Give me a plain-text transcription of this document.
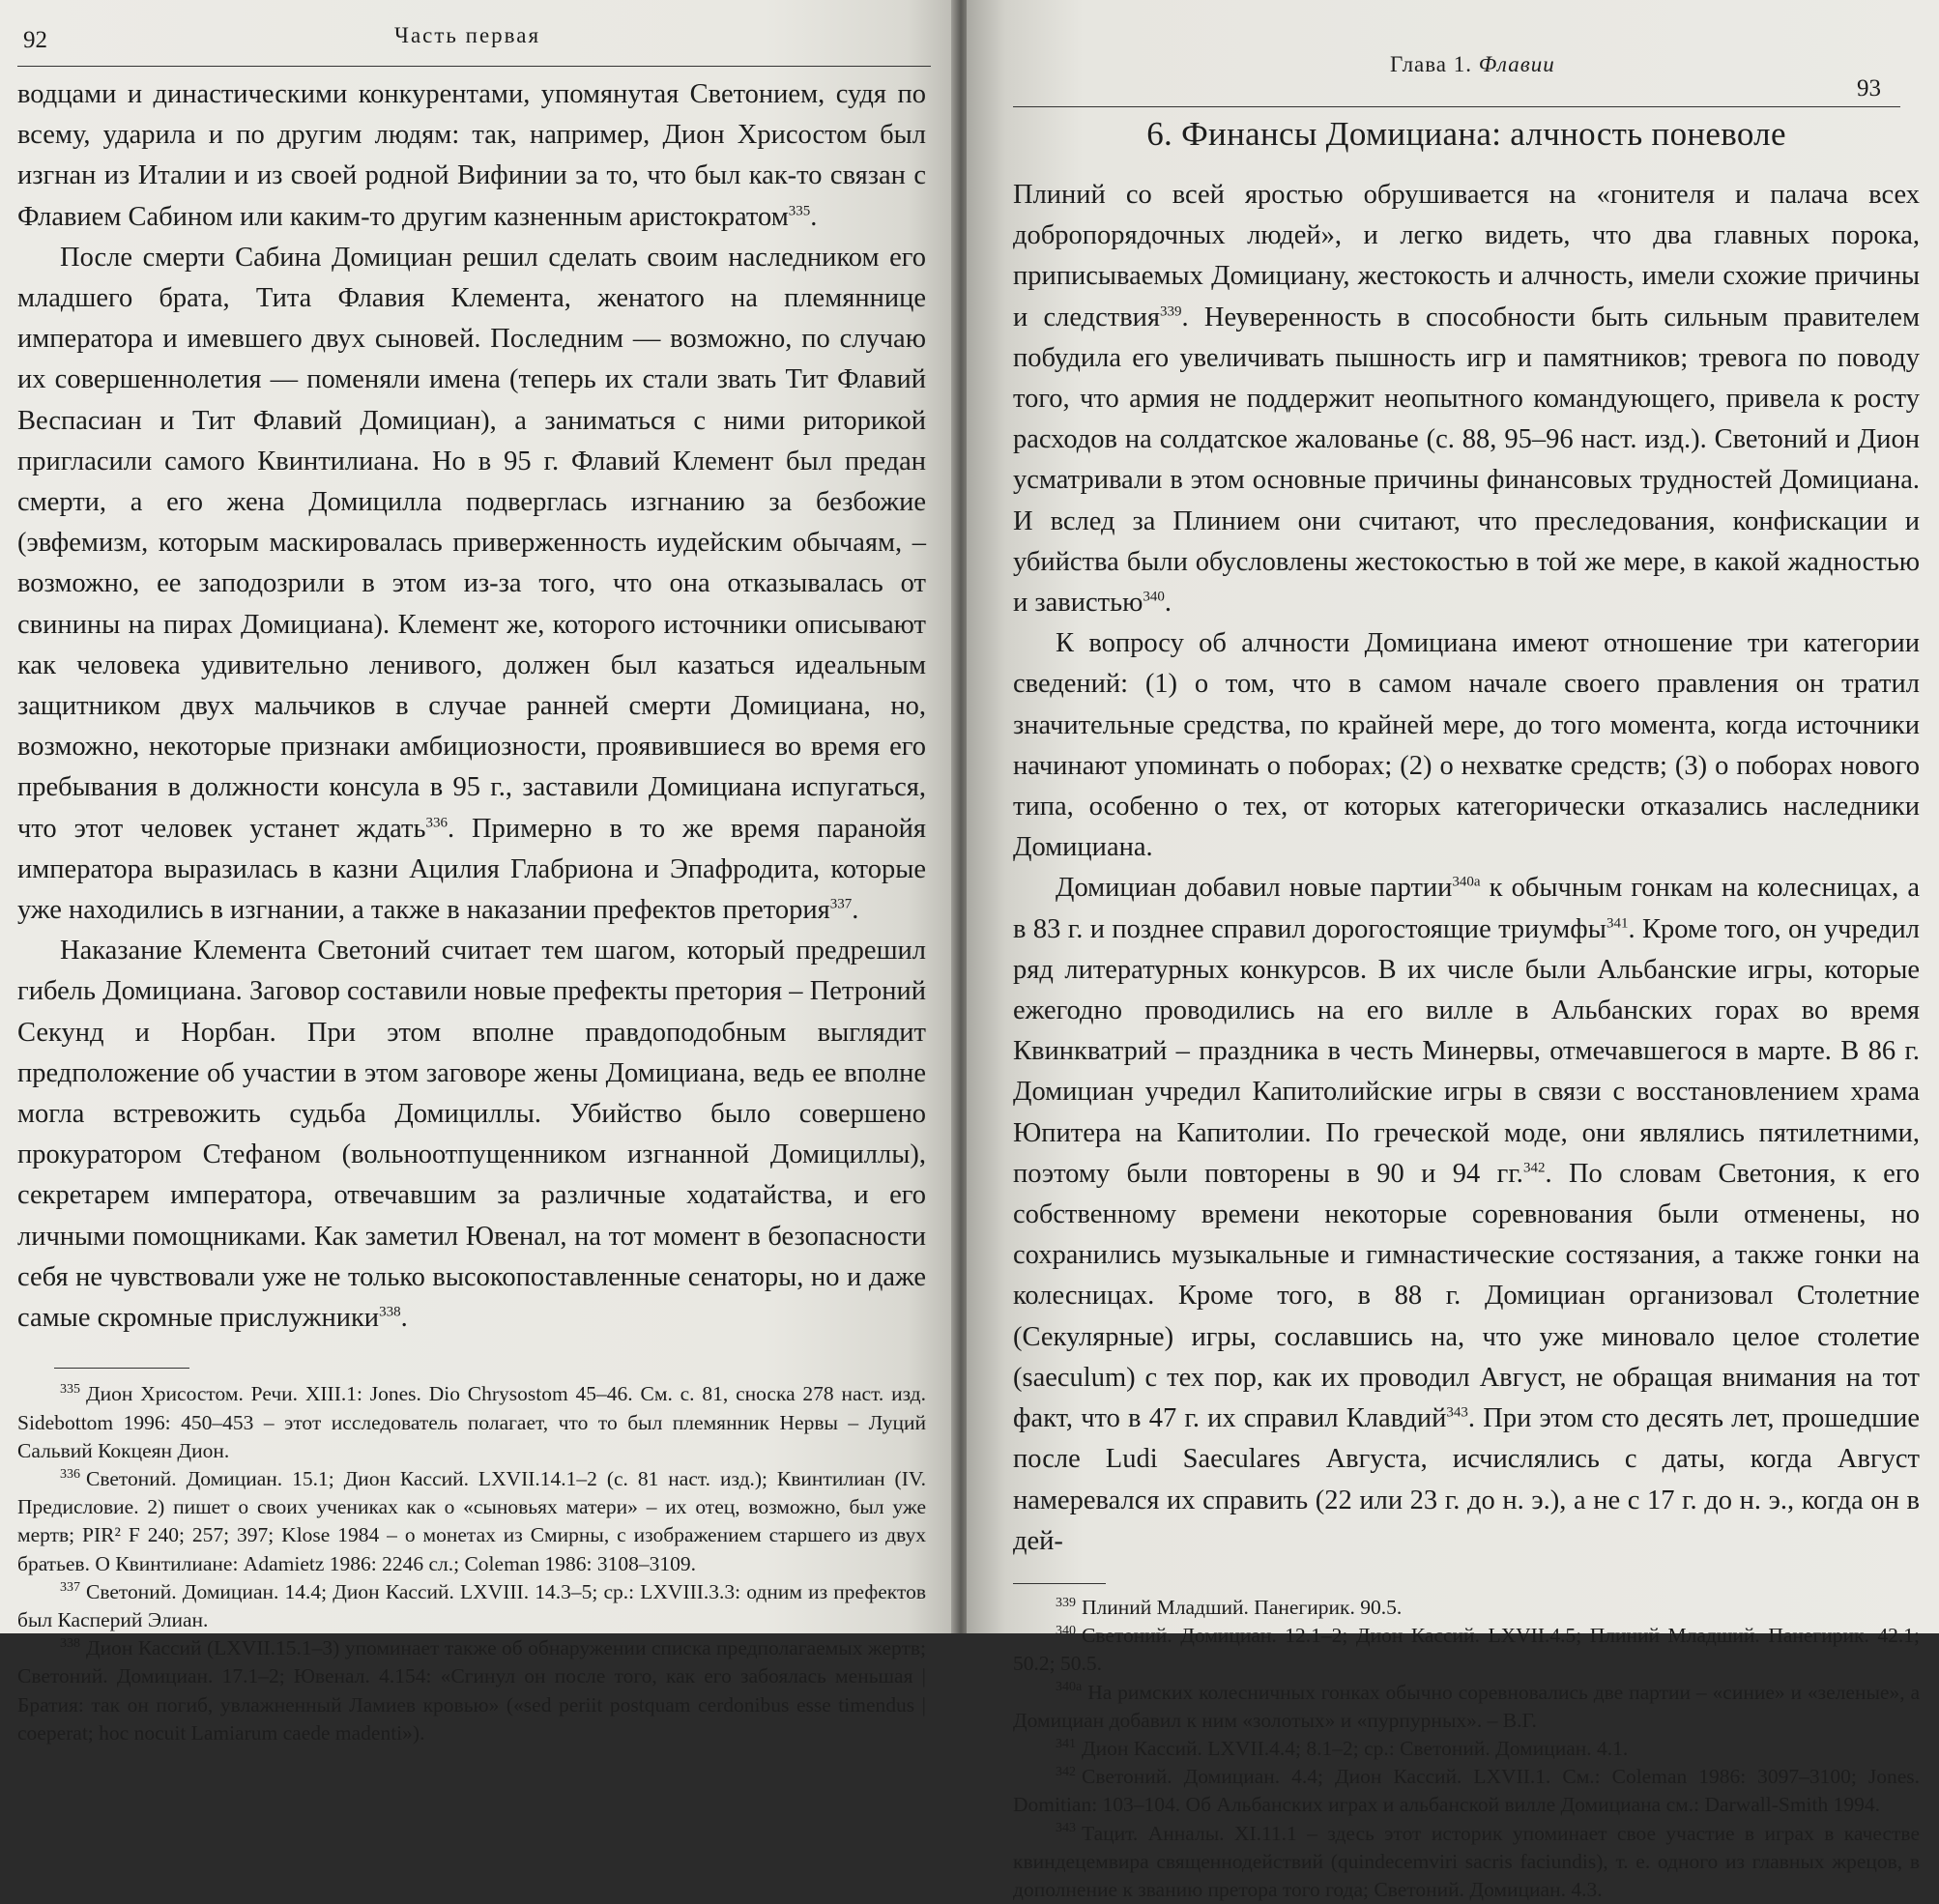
92	Часть первая

водцами и династическими конкурентами, упомянутая Светонием, судя по всему, ударила и по другим людям: так, например, Дион Хрисостом был изгнан из Италии и из своей родной Вифинии за то, что был как-то связан с Флавием Сабином или каким-то другим казненным аристократом$^{335}$.

После смерти Сабина Домициан решил сделать своим наследником его младшего брата, Тита Флавия Клемента, женатого на племяннице императора и имевшего двух сыновей. Последним — возможно, по случаю их совершеннолетия — поменяли имена (теперь их стали звать Тит Флавий Веспасиан и Тит Флавий Домициан), а заниматься с ними риторикой пригласили самого Квинтилиана. Но в 95 г. Флавий Клемент был предан смерти, а его жена Домицилла подверглась изгнанию за безбожие (эвфемизм, которым маскировалась приверженность иудейским обычаям, – возможно, ее заподозрили в этом из-за того, что она отказывалась от свинины на пирах Домициана). Клемент же, которого источники описывают как человека удивительно ленивого, должен был казаться идеальным защитником двух мальчиков в случае ранней смерти Домициана, но, возможно, некоторые признаки амбициозности, проявившиеся во время его пребывания в должности консула в 95 г., заставили Домициана испугаться, что этот человек устанет ждать$^{336}$. Примерно в то же время паранойя императора выразилась в казни Ацилия Глабриона и Эпафродита, которые уже находились в изгнании, а также в наказании префектов претория$^{337}$.

Наказание Клемента Светоний считает тем шагом, который предрешил гибель Домициана. Заговор составили новые префекты претория – Петроний Секунд и Норбан. При этом вполне правдоподобным выглядит предположение об участии в этом заговоре жены Домициана, ведь ее вполне могла встревожить судьба Домициллы. Убийство было совершено прокуратором Стефаном (вольноотпущенником изгнанной Домициллы), секретарем императора, отвечавшим за различные ходатайства, и его личными помощниками. Как заметил Ювенал, на тот момент в безопасности себя не чувствовали уже не только высокопоставленные сенаторы, но и даже самые скромные прислужники$^{338}$.

$^{335}$ Дион Хрисостом. Речи. XIII.1: Jones. Dio Chrysostom 45–46. См. с. 81, сноска 278 наст. изд. Sidebottom 1996: 450–453 – этот исследователь полагает, что то был племянник Нервы – Луций Сальвий Кокцеян Дион.

$^{336}$ Светоний. Домициан. 15.1; Дион Кассий. LXVII.14.1–2 (с. 81 наст. изд.); Квинтилиан (IV. Предисловие. 2) пишет о своих учениках как о «сыновьях матери» – их отец, возможно, был уже мертв; PIR² F 240; 257; 397; Klose 1984 – о монетах из Смирны, с изображением старшего из двух братьев. О Квинтилиане: Adamietz 1986: 2246 сл.; Coleman 1986: 3108–3109.

$^{337}$ Светоний. Домициан. 14.4; Дион Кассий. LXVIII. 14.3–5; ср.: LXVIII.3.3: одним из префектов был Касперий Элиан.

$^{338}$ Дион Кассий (LXVII.15.1–3) упоминает также об обнаружении списка предполагаемых жертв; Светоний. Домициан. 17.1–2; Ювенал. 4.154: «Сгинул он после того, как его забоялась меньшая | Братия: так он погиб, увлажненный Ламиев кровью» («sed periit postquam cerdonibus esse timendus | coeperat; hoc nocuit Lamiarum caede madenti»).

Глава 1. Флавии
93
6. Финансы Домициана: алчность поневоле

Плиний со всей яростью обрушивается на «гонителя и палача всех добропорядочных людей», и легко видеть, что два главных порока, приписываемых Домициану, жестокость и алчность, имели схожие причины и следствия$^{339}$. Неуверенность в способности быть сильным правителем побудила его увеличивать пышность игр и памятников; тревога по поводу того, что армия не поддержит неопытного командующего, привела к росту расходов на солдатское жалованье (с. 88, 95–96 наст. изд.). Светоний и Дион усматривали в этом основные причины финансовых трудностей Домициана. И вслед за Плинием они считают, что преследования, конфискации и убийства были обусловлены жестокостью в той же мере, в какой жадностью и завистью$^{340}$.

К вопросу об алчности Домициана имеют отношение три категории сведений: (1) о том, что в самом начале своего правления он тратил значительные средства, по крайней мере, до того момента, когда источники начинают упоминать о поборах; (2) о нехватке средств; (3) о поборах нового типа, особенно о тех, от которых категорически отказались наследники Домициана.

Домициан добавил новые партии$^{340a}$ к обычным гонкам на колесницах, а в 83 г. и позднее справил дорогостоящие триумфы$^{341}$. Кроме того, он учредил ряд литературных конкурсов. В их числе были Альбанские игры, которые ежегодно проводились на его вилле в Альбанских горах во время Квинкватрий – праздника в честь Минервы, отмечавшегося в марте. В 86 г. Домициан учредил Капитолийские игры в связи с восстановлением храма Юпитера на Капитолии. По греческой моде, они являлись пятилетними, поэтому были повторены в 90 и 94 гг.$^{342}$. По словам Светония, к его собственному времени некоторые соревнования были отменены, но сохранились музыкальные и гимнастические состязания, а также гонки на колесницах. Кроме того, в 88 г. Домициан организовал Столетние (Секулярные) игры, сославшись на, что уже миновало целое столетие (saeculum) с тех пор, как их проводил Август, не обращая внимания на тот факт, что в 47 г. их справил Клавдий$^{343}$. При этом сто десять лет, прошедшие после Ludi Saeculares Августа, исчислялись с даты, когда Август намеревался их справить (22 или 23 г. до н. э.), а не с 17 г. до н. э., когда он в дей-

$^{339}$ Плиний Младший. Панегирик. 90.5.

$^{340}$ Светоний. Домициан. 12.1–2; Дион Кассий. LXVII.4.5; Плиний Младший. Панегирик. 42.1; 50.2; 50.5.

$^{340a}$ На римских колесничных гонках обычно соревновались две партии – «синие» и «зеленые», а Домициан добавил к ним «золотых» и «пурпурных». – В.Г.

$^{341}$ Дион Кассий. LXVII.4.4; 8.1–2; ср.: Светоний. Домициан. 4.1.

$^{342}$ Светоний. Домициан. 4.4; Дион Кассий. LXVII.1. См.: Coleman 1986: 3097–3100; Jones. Domitian: 103–104. Об Альбанских играх и альбанской вилле Домициана см.: Darwall-Smith 1994.

$^{343}$ Тацит. Анналы. XI.11.1 – здесь этот историк упоминает свое участие в играх в качестве квиндецемвира священнодействий (quindecemviri sacris faciundis), т. е. одного из главных жрецов, в дополнение к званию претора того года; Светоний. Домициан. 4.3.
